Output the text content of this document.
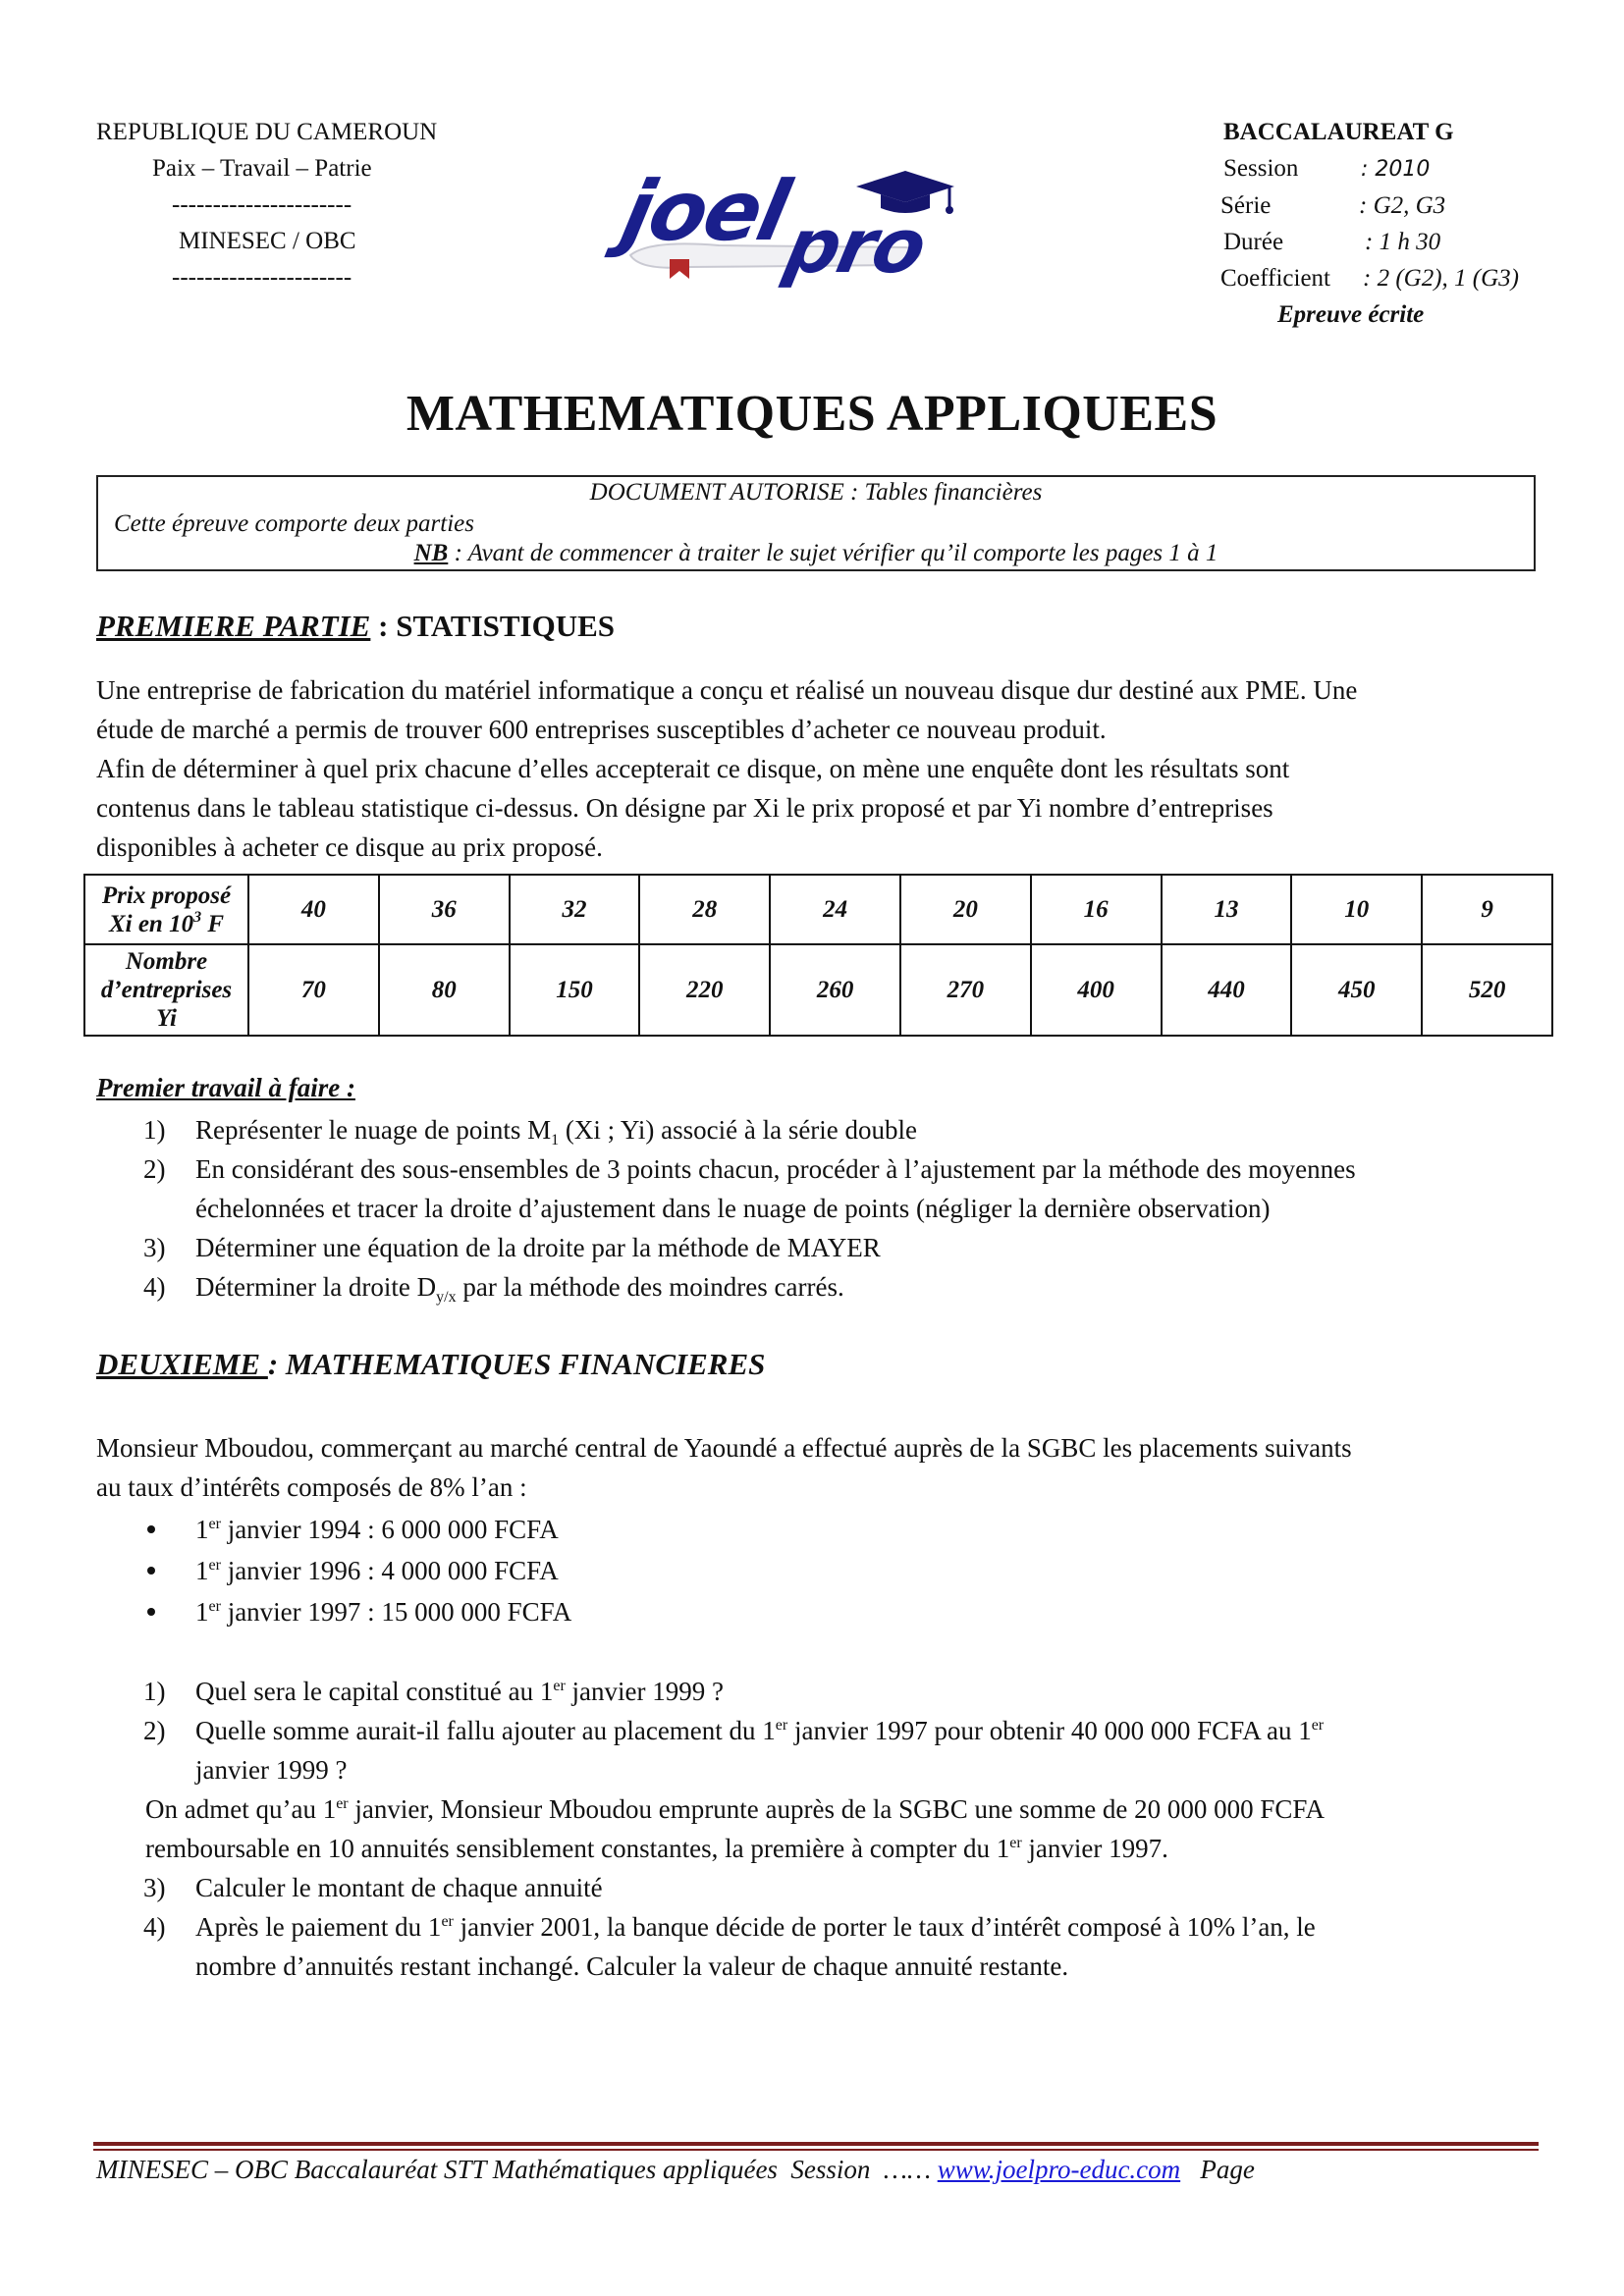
REPUBLIQUE DU CAMEROUN
Paix – Travail – Patrie
----------------------
MINESEC / OBC
----------------------
joel
pro
BACCALAUREAT G
Session	: 2010
Série	: G2, G3
Durée	: 1 h 30
Coefficient : 2 (G2), 1 (G3)
Epreuve écrite
MATHEMATIQUES APPLIQUEES
DOCUMENT AUTORISE : Tables financières
Cette épreuve comporte deux parties
NB : Avant de commencer à traiter le sujet vérifier qu’il comporte les pages 1 à 1
PREMIERE PARTIE : STATISTIQUES
Une entreprise de fabrication du matériel informatique a conçu et réalisé un nouveau disque dur destiné aux PME. Une
étude de marché a permis de trouver 600 entreprises susceptibles d’acheter ce nouveau produit.
Afin de déterminer à quel prix chacune d’elles accepterait ce disque, on mène une enquête dont les résultats sont
contenus dans le tableau statistique ci-dessus. On désigne par Xi le prix proposé et par Yi nombre d’entreprises
disponibles à acheter ce disque au prix proposé.
Prix proposé
Xi en $10^3$ F	40	36	32	28	24	20	16	13	10	9

Nombre
d’entreprises
Yi	70	80	150	220	260	270	400	440	450	520
Premier travail à faire :
1) Représenter le nuage de points $M_1$ (Xi ; Yi) associé à la série double
2) En considérant des sous-ensembles de 3 points chacun, procéder à l’ajustement par la méthode des moyennes
échelonnées et tracer la droite d’ajustement dans le nuage de points (négliger la dernière observation)
3) Déterminer une équation de la droite par la méthode de MAYER
4) Déterminer la droite $D_{y/x}$ par la méthode des moindres carrés.
DEUXIEME : MATHEMATIQUES FINANCIERES
Monsieur Mboudou, commerçant au marché central de Yaoundé a effectué auprès de la SGBC les placements suivants
au taux d’intérêts composés de 8% l’an :
1er janvier 1994 : 6 000 000 FCFA
1er janvier 1996 : 4 000 000 FCFA
1er janvier 1997 : 15 000 000 FCFA
1) Quel sera le capital constitué au 1er janvier 1999 ?
2) Quelle somme aurait-il fallu ajouter au placement du 1er janvier 1997 pour obtenir 40 000 000 FCFA au 1er
janvier 1999 ?
On admet qu’au 1er janvier, Monsieur Mboudou emprunte auprès de la SGBC une somme de 20 000 000 FCFA
remboursable en 10 annuités sensiblement constantes, la première à compter du 1er janvier 1997.
3) Calculer le montant de chaque annuité
4) Après le paiement du 1er janvier 2001, la banque décide de porter le taux d’intérêt composé à 10% l’an, le
nombre d’annuités restant inchangé. Calculer la valeur de chaque annuité restante.
MINESEC – OBC Baccalauréat STT Mathématiques appliquées  Session  …… www.joelpro-educ.com   Page
